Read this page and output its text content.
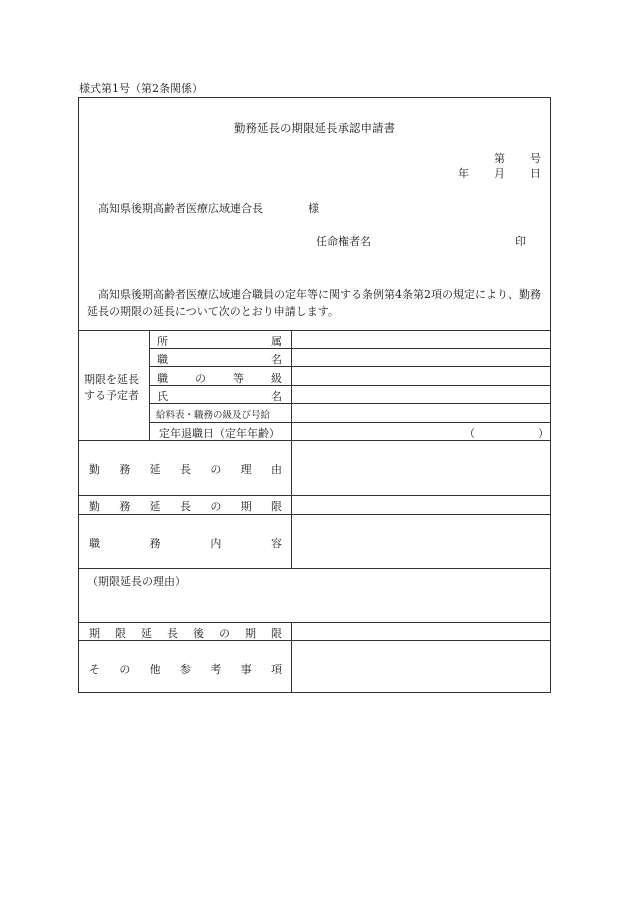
様式第1号（第2条関係）
勤務延長の期限延長承認申請書
第 号
年 月 日
高知県後期高齢者医療広域連合長	様
任命権者名	印
高知県後期高齢者医療広域連合職員の定年等に関する条例第4条第2項の規定により、勤務延長の期限の延長について次のとおり申請します。
期限を延長
する予定者
所	属
職	名
職 の 等 級
氏	名
給料表・職務の級及び号給
定年退職日（定年年齢）	（	）
勤 務 延 長 の 理 由
勤 務 延 長 の 期 限
職	務	内	容
（期限延長の理由）
期 限 延 長 後 の 期 限
そ の 他 参 考 事 項
